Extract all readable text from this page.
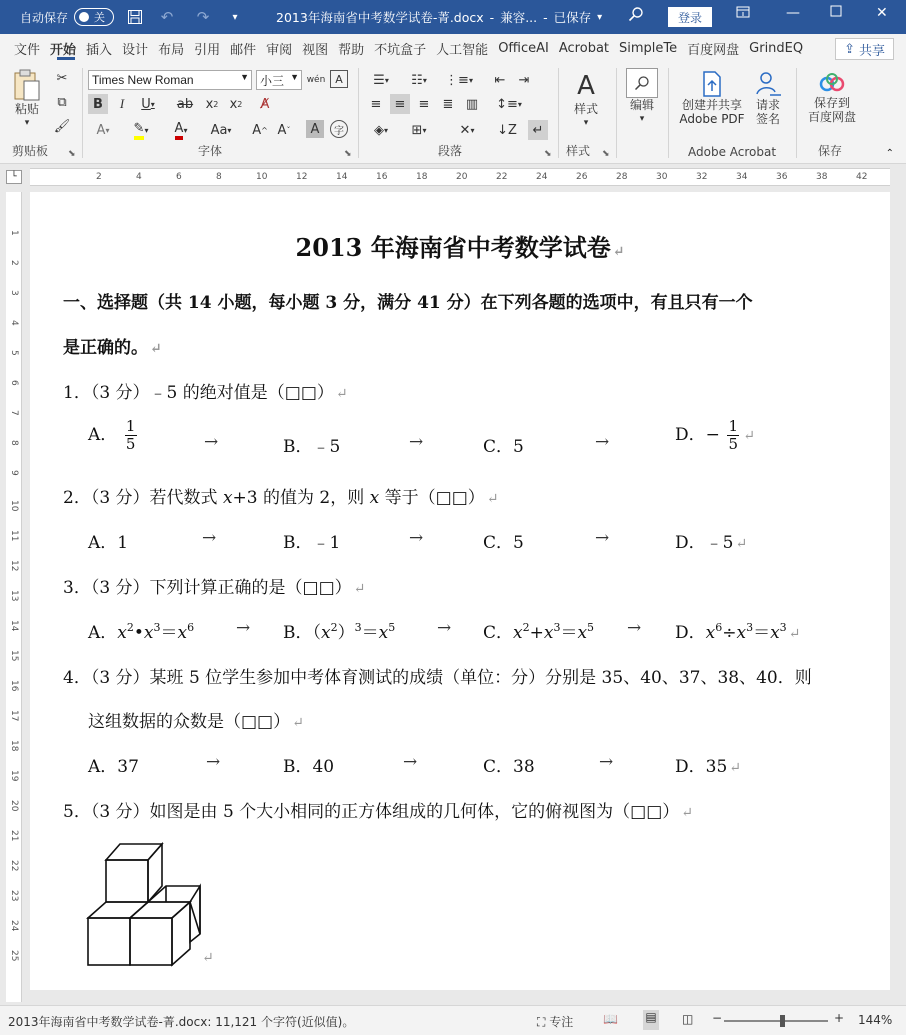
自动保存 关	↶	↷	▾	2013年海南省中考数学试卷-菁.docx - 兼容... - 已保存 ▾	登录	—	✕
文件 开始 插入 设计 布局 引用 邮件 审阅 视图 帮助 不坑盒子 人工智能 OfficeAI Acrobat SimpleTe 百度网盘 GrindEQ	⇪ 共享
粘贴
▾
✂
⧉
🖌
剪贴板 ⬊
Times New Roman	▼ 小三 ▼ wén A
B	I	U ▾ ab x 2 x 2	A̸
A ▾ ✎ ▾ A ▾	Aa ▾ A ^ A ˇ	A	字
字体	⬊
☰ ▾	☷ ▾ ⋮≡ ▾	⇤	⇥
≡	≡	≡	≣ ▥ ↕≡ ▾
◈ ▾	⊞ ▾	✕ ▾ ↓Z	↵
段落	⬊
A
样式
▾
样式 ⬊
编辑
▾
创建并共享
Adobe PDF
请求
签名
Adobe Acrobat
保存到
百度网盘
保存	⌃
└	2	4	6	8	10	12	14	16	18	20	22	24	26	28	30	32	34	36	38	42
1
2
3
4
5
6
7
8
9
10
11
12
13
14
15
16
17
18
19
20
21
22
23
24
25
2013 年海南省中考数学试卷 ↵
一、选择题（共 14 小题，每小题 3 分，满分 41 分）在下列各题的选项中，有且只有一个
是正确的。 ↵
1．（3 分）﹣5 的绝对值是（□□） ↵
A． $\frac{1}{5}$	→	B．﹣5	→	C．5	→	D．− $\frac{1}{5}$ ↵
2．（3 分）若代数式 x+3 的值为 2，则 x 等于（□□） ↵
A．1	→	B．﹣1	→	C．5	→	D．﹣5 ↵
3．（3 分）下列计算正确的是（□□） ↵
A．$x^2•x^3=x^6 \to B$．$(x^2)^3=x^5 \to C$．$x^2+x^3=x^5 \to D$．$x^6\div x^3=x^3$ ↵
4．（3 分）某班 5 位学生参加中考体育测试的成绩（单位：分）分别是 35、40、37、38、40．则
这组数据的众数是（□□） ↵
A．37	→	B．40	→	C．38	→	D．35 ↵
5．（3 分）如图是由 5 个大小相同的正方体组成的几何体，它的俯视图为（□□） ↵
↵
2013年海南省中考数学试卷-菁.docx: 11,121 个字符(近似值)。	⛶ 专注 📖 ▤ ◫ −	+ 144%
